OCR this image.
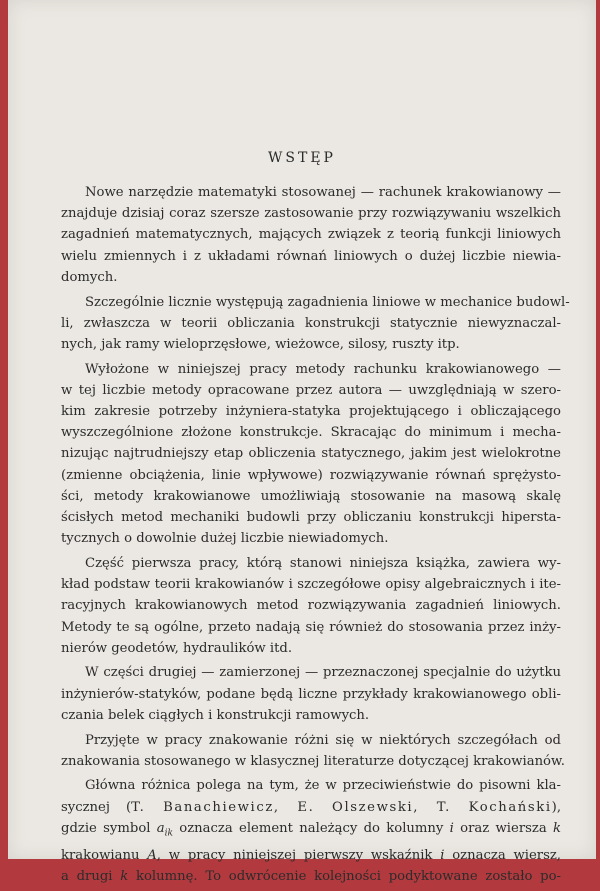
WSTĘP
Nowe narzędzie matematyki stosowanej — rachunek krakowianowy —
znajduje dzisiaj coraz szersze zastosowanie przy rozwiązywaniu wszelkich
zagadnień matematycznych, mających związek z teorią funkcji liniowych
wielu zmiennych i z układami równań liniowych o dużej liczbie niewia-
domych.
Szczególnie licznie występują zagadnienia liniowe w mechanice budowl-
li, zwłaszcza w teorii obliczania konstrukcji statycznie niewyznaczal-
nych, jak ramy wieloprzęsłowe, wieżowce, silosy, ruszty itp.
Wyłożone w niniejszej pracy metody rachunku krakowianowego —
w tej liczbie metody opracowane przez autora — uwzględniają w szero-
kim zakresie potrzeby inżyniera-statyka projektującego i obliczającego
wyszczególnione złożone konstrukcje. Skracając do minimum i mecha-
nizując najtrudniejszy etap obliczenia statycznego, jakim jest wielokrotne
(zmienne obciążenia, linie wpływowe) rozwiązywanie równań sprężysto-
ści, metody krakowianowe umożliwiają stosowanie na masową skalę
ścisłych metod mechaniki budowli przy obliczaniu konstrukcji hipersta-
tycznych o dowolnie dużej liczbie niewiadomych.
Część pierwsza pracy, którą stanowi niniejsza książka, zawiera wy-
kład podstaw teorii krakowianów i szczegółowe opisy algebraicznych i ite-
racyjnych krakowianowych metod rozwiązywania zagadnień liniowych.
Metody te są ogólne, przeto nadają się również do stosowania przez inży-
nierów geodetów, hydraulików itd.
W części drugiej — zamierzonej — przeznaczonej specjalnie do użytku
inżynierów-statyków, podane będą liczne przykłady krakowianowego obli-
czania belek ciągłych i konstrukcji ramowych.
Przyjęte w pracy znakowanie różni się w niektórych szczegółach od
znakowania stosowanego w klasycznej literaturze dotyczącej krakowianów.
Główna różnica polega na tym, że w przeciwieństwie do pisowni kla-
sycznej (T. Banachiewicz, E. Olszewski, T. Kochański),
gdzie symbol $a_{ik}$ oznacza element należący do kolumny i oraz wiersza k
krakowianu A, w pracy niniejszej pierwszy wskaźnik i oznacza wiersz,
a drugi k kolumnę. To odwrócenie kolejności podyktowane zostało po-
